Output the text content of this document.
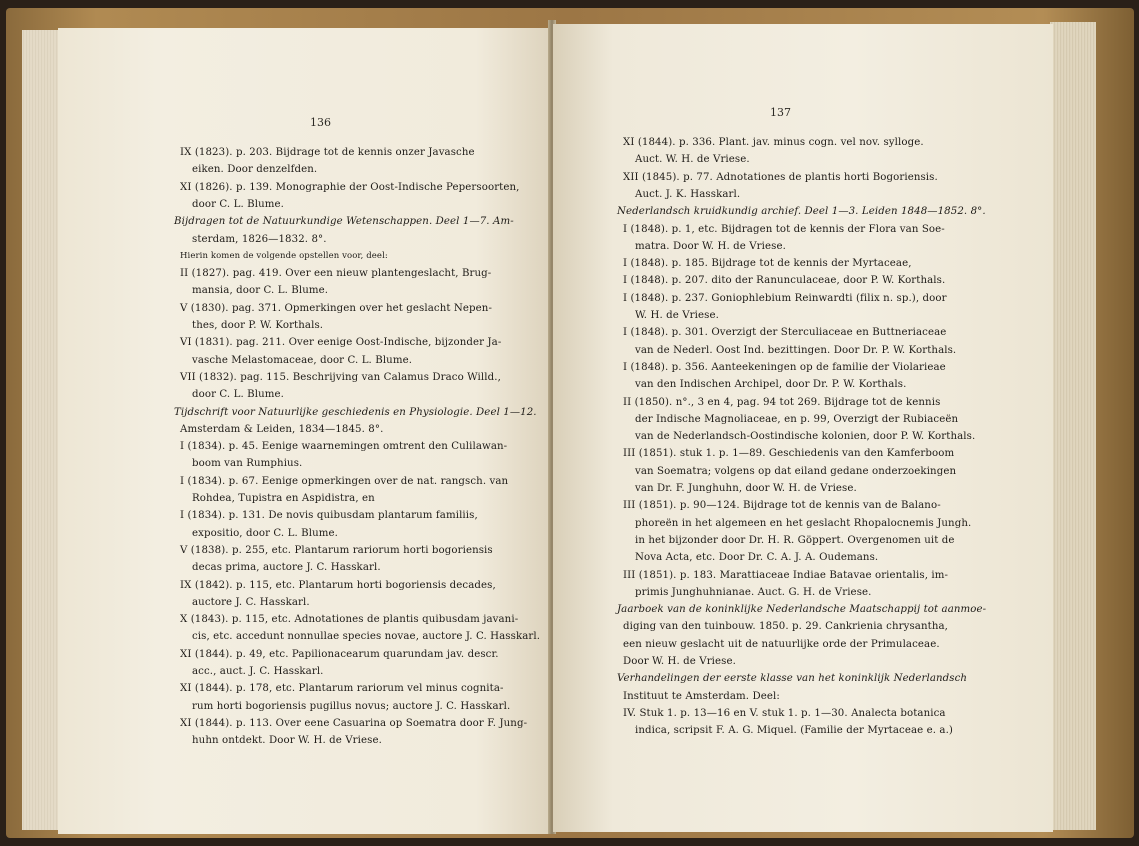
136
IX (1823). p. 203. Bijdrage tot de kennis onzer Javasche
eiken. Door denzelfden.
XI (1826). p. 139. Monographie der Oost-Indische Pepersoorten,
door C. L. Blume.
Bijdragen tot de Natuurkundige Wetenschappen. Deel 1—7. Am-
sterdam, 1826—1832. 8°.
Hierin komen de volgende opstellen voor, deel:
II (1827). pag. 419. Over een nieuw plantengeslacht, Brug-
mansia, door C. L. Blume.
V (1830). pag. 371. Opmerkingen over het geslacht Nepen-
thes, door P. W. Korthals.
VI (1831). pag. 211. Over eenige Oost-Indische, bijzonder Ja-
vasche Melastomaceae, door C. L. Blume.
VII (1832). pag. 115. Beschrijving van Calamus Draco Willd.,
door C. L. Blume.
Tijdschrift voor Natuurlijke geschiedenis en Physiologie. Deel 1—12.
Amsterdam & Leiden, 1834—1845. 8°.
I (1834). p. 45. Eenige waarnemingen omtrent den Culilawan-
boom van Rumphius.
I (1834). p. 67. Eenige opmerkingen over de nat. rangsch. van
Rohdea, Tupistra en Aspidistra, en
I (1834). p. 131. De novis quibusdam plantarum familiis,
expositio, door C. L. Blume.
V (1838). p. 255, etc. Plantarum rariorum horti bogoriensis
decas prima, auctore J. C. Hasskarl.
IX (1842). p. 115, etc. Plantarum horti bogoriensis decades,
auctore J. C. Hasskarl.
X (1843). p. 115, etc. Adnotationes de plantis quibusdam javani-
cis, etc. accedunt nonnullae species novae, auctore J. C. Hasskarl.
XI (1844). p. 49, etc. Papilionacearum quarundam jav. descr.
acc., auct. J. C. Hasskarl.
XI (1844). p. 178, etc. Plantarum rariorum vel minus cognita-
rum horti bogoriensis pugillus novus; auctore J. C. Hasskarl.
XI (1844). p. 113. Over eene Casuarina op Soematra door F. Jung-
huhn ontdekt. Door W. H. de Vriese.
137
XI (1844). p. 336. Plant. jav. minus cogn. vel nov. sylloge.
Auct. W. H. de Vriese.
XII (1845). p. 77. Adnotationes de plantis horti Bogoriensis.
Auct. J. K. Hasskarl.
Nederlandsch kruidkundig archief. Deel 1—3. Leiden 1848—1852. 8°.
I (1848). p. 1, etc. Bijdragen tot de kennis der Flora van Soe-
matra. Door W. H. de Vriese.
I (1848). p. 185. Bijdrage tot de kennis der Myrtaceae,
I (1848). p. 207. dito der Ranunculaceae, door P. W. Korthals.
I (1848). p. 237. Goniophlebium Reinwardti (filix n. sp.), door
W. H. de Vriese.
I (1848). p. 301. Overzigt der Sterculiaceae en Buttneriaceae
van de Nederl. Oost Ind. bezittingen. Door Dr. P. W. Korthals.
I (1848). p. 356. Aanteekeningen op de familie der Violarieae
van den Indischen Archipel, door Dr. P. W. Korthals.
II (1850). n°., 3 en 4, pag. 94 tot 269. Bijdrage tot de kennis
der Indische Magnoliaceae, en p. 99, Overzigt der Rubiaceën
van de Nederlandsch-Oostindische kolonien, door P. W. Korthals.
III (1851). stuk 1. p. 1—89. Geschiedenis van den Kamferboom
van Soematra; volgens op dat eiland gedane onderzoekingen
van Dr. F. Junghuhn, door W. H. de Vriese.
III (1851). p. 90—124. Bijdrage tot de kennis van de Balano-
phoreën in het algemeen en het geslacht Rhopalocnemis Jungh.
in het bijzonder door Dr. H. R. Göppert. Overgenomen uit de
Nova Acta, etc. Door Dr. C. A. J. A. Oudemans.
III (1851). p. 183. Marattiaceae Indiae Batavae orientalis, im-
primis Junghuhnianae. Auct. G. H. de Vriese.
Jaarboek van de koninklijke Nederlandsche Maatschappij tot aanmoe-
diging van den tuinbouw. 1850. p. 29. Cankrienia chrysantha,
een nieuw geslacht uit de natuurlijke orde der Primulaceae.
Door W. H. de Vriese.
Verhandelingen der eerste klasse van het koninklijk Nederlandsch
Instituut te Amsterdam. Deel:
IV. Stuk 1. p. 13—16 en V. stuk 1. p. 1—30. Analecta botanica
indica, scripsit F. A. G. Miquel. (Familie der Myrtaceae e. a.)
